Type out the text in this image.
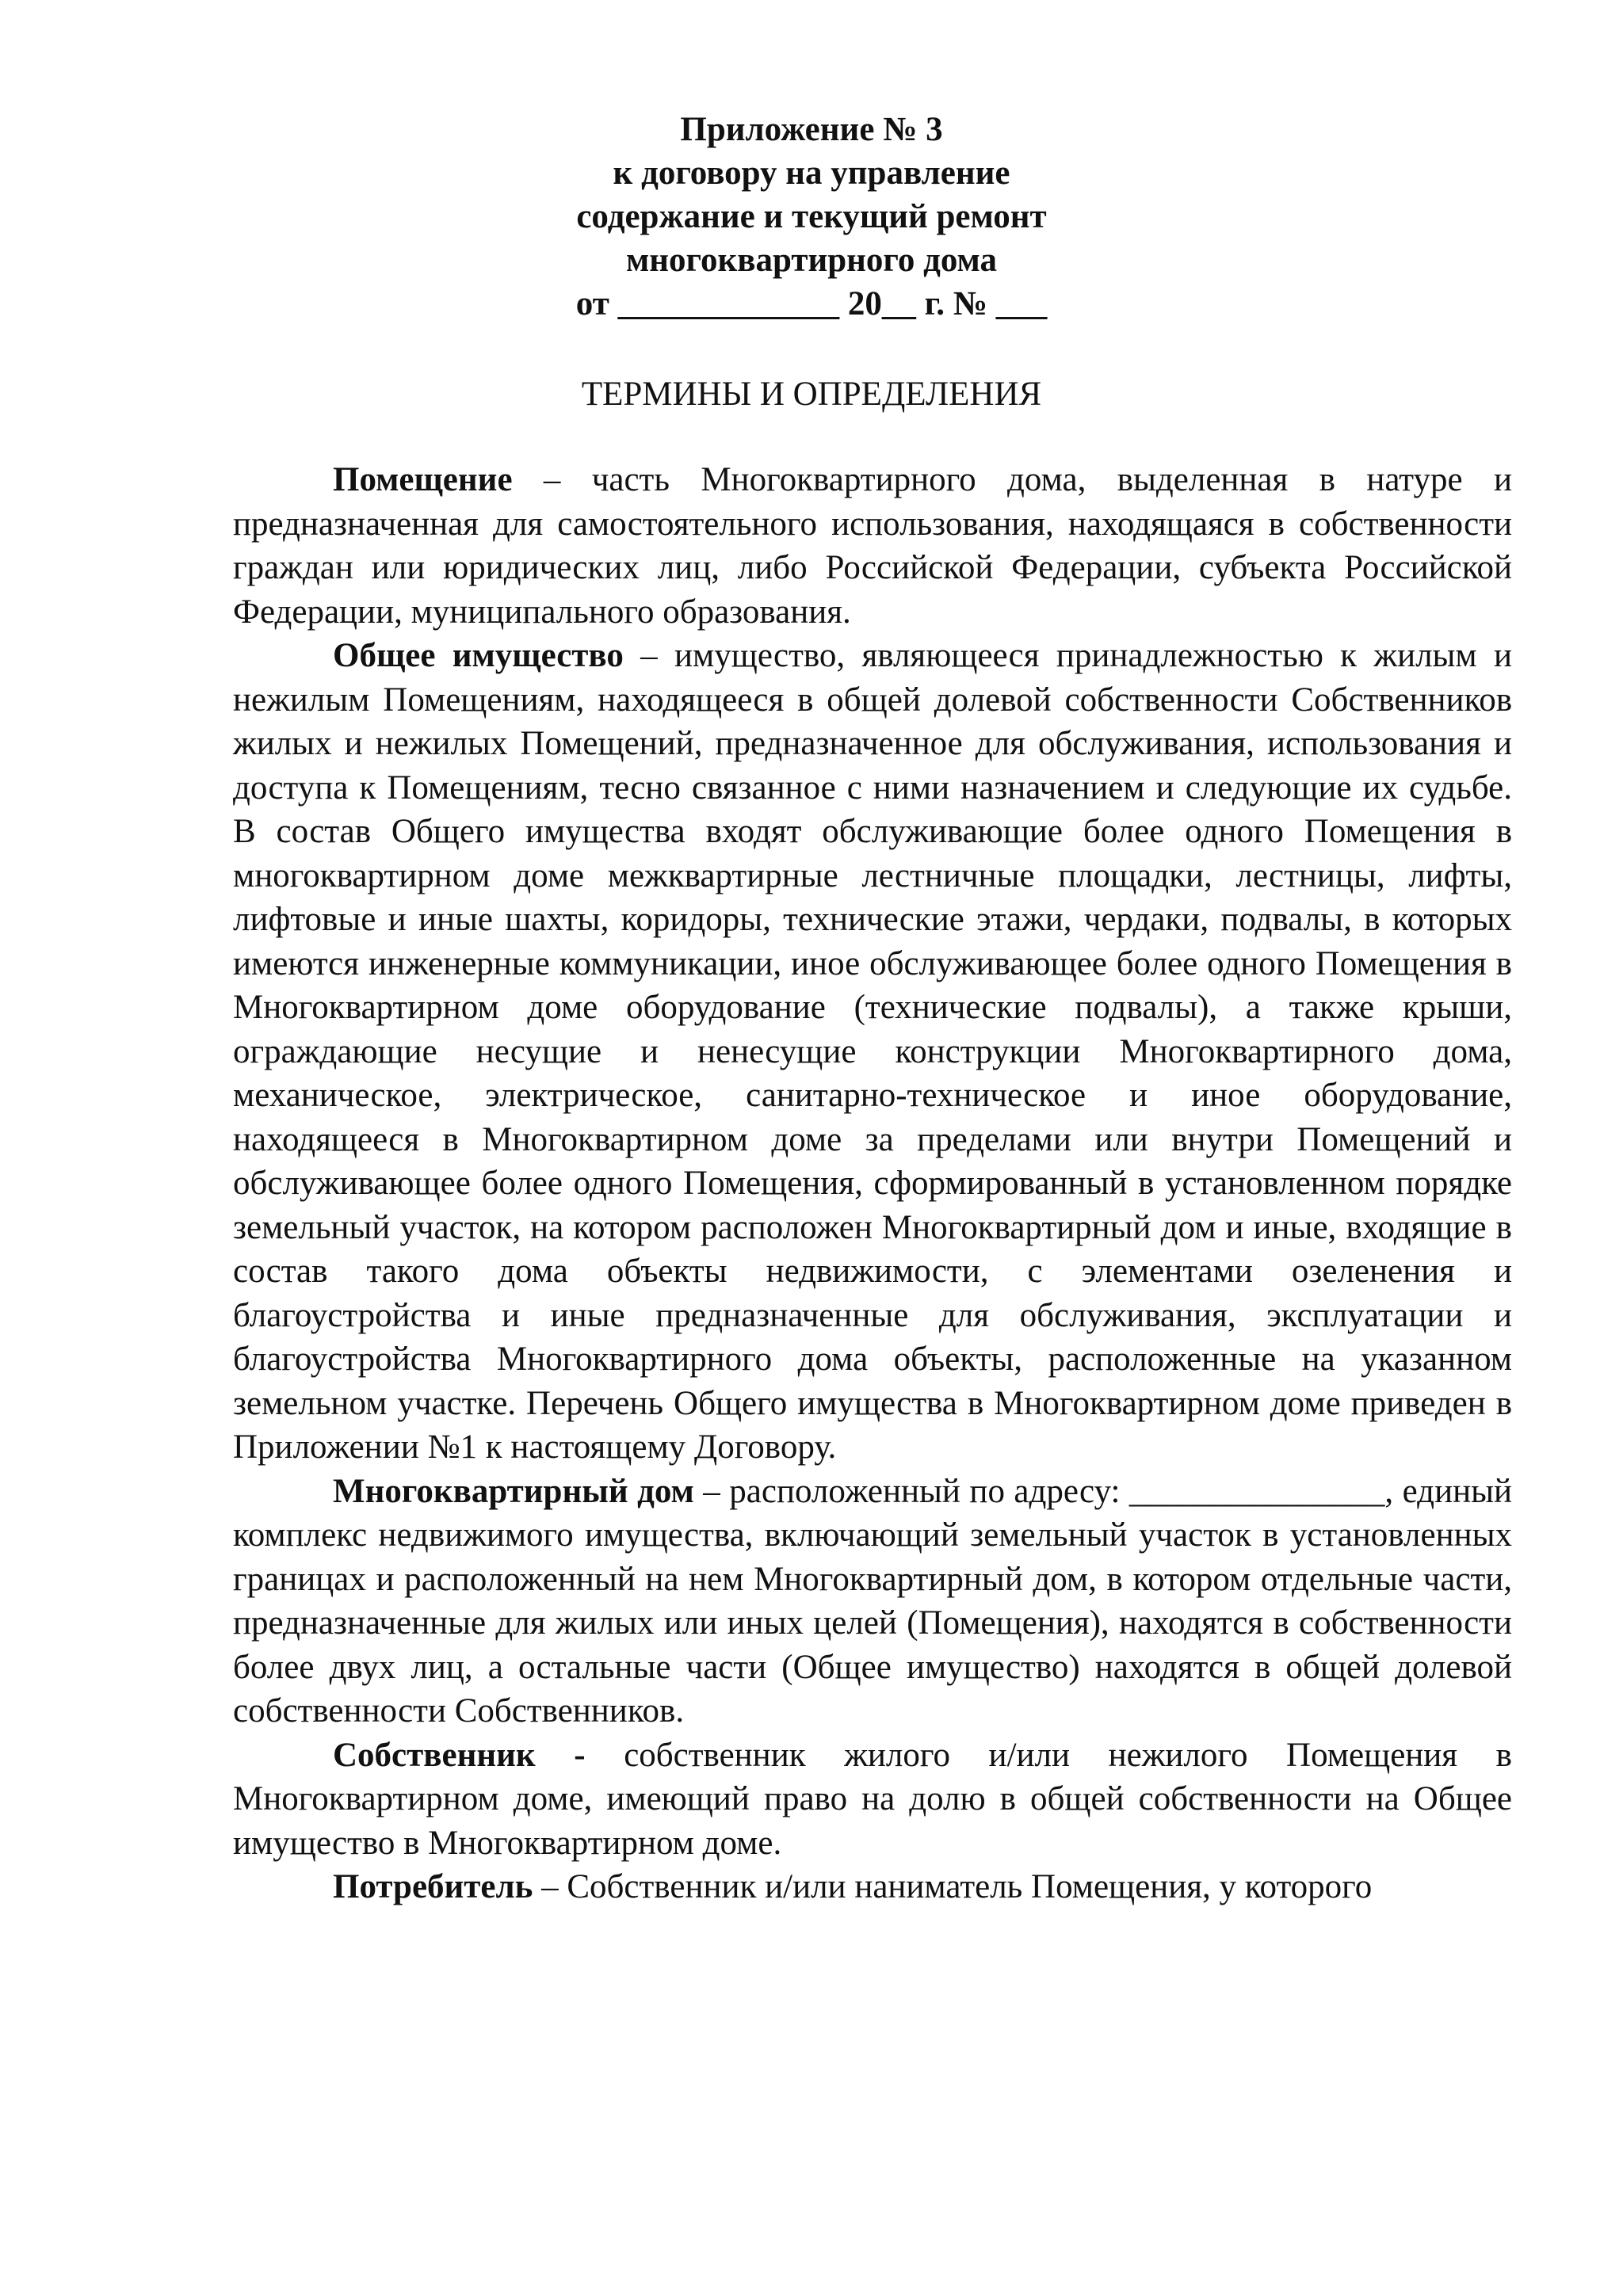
Приложение № 3
к договору на управление
содержание и текущий ремонт
многоквартирного дома
от _____________ 20__ г. № ___
ТЕРМИНЫ И ОПРЕДЕЛЕНИЯ

Помещение – часть Многоквартирного дома, выделенная в натуре и предназначенная для самостоятельного использования, находящаяся в собственности граждан или юридических лиц, либо Российской Федерации, субъекта Российской Федерации, муниципального образования.

Общее имущество – имущество, являющееся принадлежностью к жилым и нежилым Помещениям, находящееся в общей долевой собственности Собственников жилых и нежилых Помещений, предназначенное для обслуживания, использования и доступа к Помещениям, тесно связанное с ними назначением и следующие их судьбе. В состав Общего имущества входят обслуживающие более одного Помещения в многоквартирном доме межквартирные лестничные площадки, лестницы, лифты, лифтовые и иные шахты, коридоры, технические этажи, чердаки, подвалы, в которых имеются инженерные коммуникации, иное обслуживающее более одного Помещения в Многоквартирном доме оборудование (технические подвалы), а также крыши, ограждающие несущие и ненесущие конструкции Многоквартирного дома, механическое, электрическое, санитарно-техническое и иное оборудование, находящееся в Многоквартирном доме за пределами или внутри Помещений и обслуживающее более одного Помещения, сформированный в установленном порядке земельный участок, на котором расположен Многоквартирный дом и иные, входящие в состав такого дома объекты недвижимости, с элементами озеленения и благоустройства и иные предназначенные для обслуживания, эксплуатации и благоустройства Многоквартирного дома объекты, расположенные на указанном земельном участке. Перечень Общего имущества в Многоквартирном доме приведен в Приложении №1 к настоящему Договору.

Многоквартирный дом – расположенный по адресу: _______________, единый комплекс недвижимого имущества, включающий земельный участок в установленных границах и расположенный на нем Многоквартирный дом, в котором отдельные части, предназначенные для жилых или иных целей (Помещения), находятся в собственности более двух лиц, а остальные части (Общее имущество) находятся в общей долевой собственности Собственников.

Собственник - собственник жилого и/или нежилого Помещения в Многоквартирном доме, имеющий право на долю в общей собственности на Общее имущество в Многоквартирном доме.

Потребитель – Собственник и/или наниматель Помещения, у которого
